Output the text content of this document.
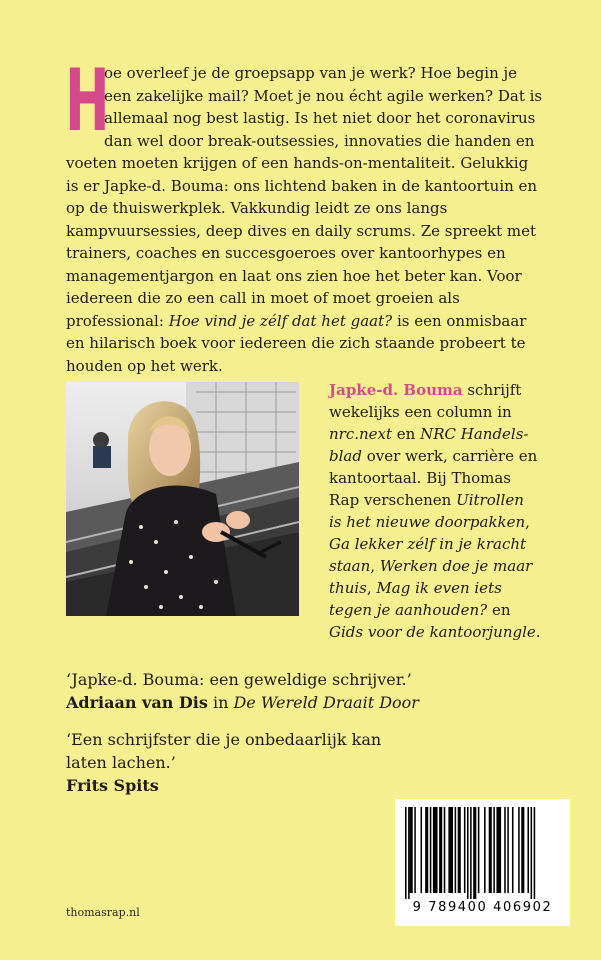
H

oe overleef je de groepsapp van je werk? Hoe begin je een zakelijke mail? Moet je nou écht agile werken? Dat is allemaal nog best lastig. Is het niet door het coronavirus dan wel door break-outsessies, innovaties die handen en voeten moeten krijgen of een hands-on-mentaliteit. Gelukkig is er Japke-d. Bouma: ons lichtend baken in de kantoortuin en op de thuiswerkplek. Vakkundig leidt ze ons langs kampvuursessies, deep dives en daily scrums. Ze spreekt met trainers, coaches en succesgoeroes over kantoorhypes en managementjargon en laat ons zien hoe het beter kan. Voor iedereen die zo een call in moet of moet groeien als professional: Hoe vind je zélf dat het gaat? is een onmisbaar en hilarisch boek voor iedereen die zich staande probeert te houden op het werk.

Japke-d. Bouma schrijft wekelijks een column in nrc.next en NRC Handels-blad over werk, carrière en kantoortaal. Bij Thomas Rap verschenen Uitrollen is het nieuwe doorpakken, Ga lekker zélf in je kracht staan, Werken doe je maar thuis, Mag ik even iets tegen je aanhouden? en Gids voor de kantoorjungle.
‘Japke-d. Bouma: een geweldige schrijver.’
Adriaan van Dis in De Wereld Draait Door
‘Een schrijfster die je onbedaarlijk kan laten lachen.’
Frits Spits
9 789400 406902
thomasrap.nl
